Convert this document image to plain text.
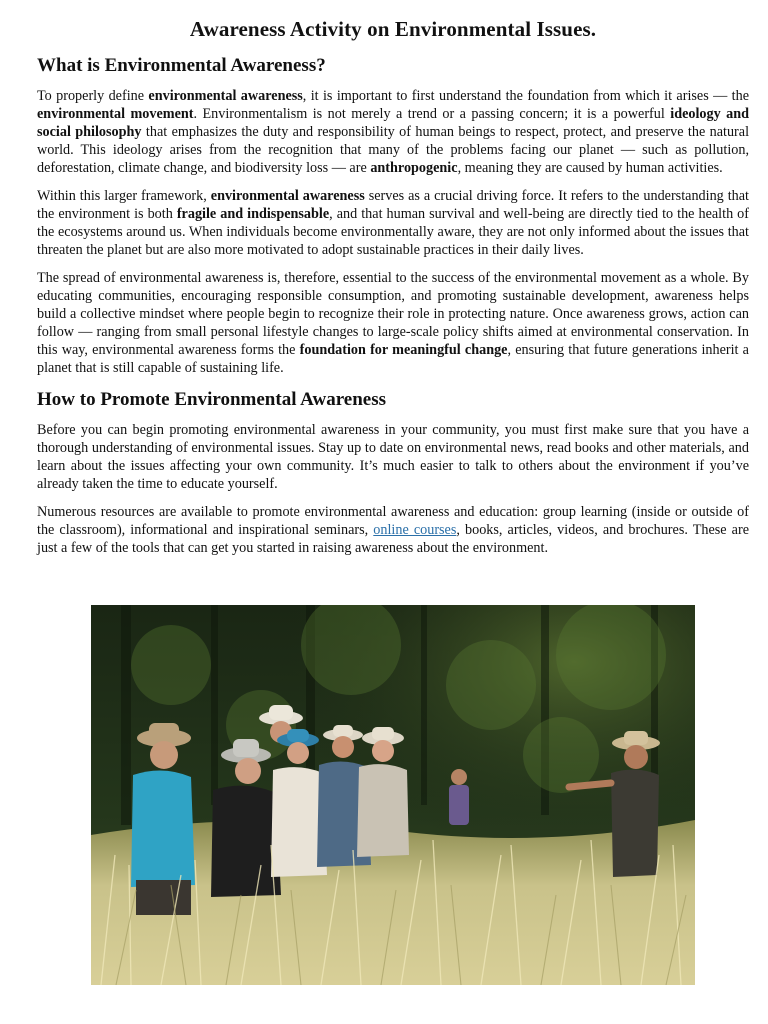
Awareness Activity on Environmental Issues.
What is Environmental Awareness?

To properly define environmental awareness, it is important to first understand the foundation from which it arises — the environmental movement. Environmentalism is not merely a trend or a passing concern; it is a powerful ideology and social philosophy that emphasizes the duty and responsibility of human beings to respect, protect, and preserve the natural world. This ideology arises from the recognition that many of the problems facing our planet — such as pollution, deforestation, climate change, and biodiversity loss — are anthropogenic, meaning they are caused by human activities.

Within this larger framework, environmental awareness serves as a crucial driving force. It refers to the understanding that the environment is both fragile and indispensable, and that human survival and well-being are directly tied to the health of the ecosystems around us. When individuals become environmentally aware, they are not only informed about the issues that threaten the planet but are also more motivated to adopt sustainable practices in their daily lives.

The spread of environmental awareness is, therefore, essential to the success of the environmental movement as a whole. By educating communities, encouraging responsible consumption, and promoting sustainable development, awareness helps build a collective mindset where people begin to recognize their role in protecting nature. Once awareness grows, action can follow — ranging from small personal lifestyle changes to large-scale policy shifts aimed at environmental conservation. In this way, environmental awareness forms the foundation for meaningful change, ensuring that future generations inherit a planet that is still capable of sustaining life.

How to Promote Environmental Awareness

Before you can begin promoting environmental awareness in your community, you must first make sure that you have a thorough understanding of environmental issues. Stay up to date on environmental news, read books and other materials, and learn about the issues affecting your own community. It’s much easier to talk to others about the environment if you’ve already taken the time to educate yourself.

Numerous resources are available to promote environmental awareness and education: group learning (inside or outside of the classroom), informational and inspirational seminars, online courses, books, articles, videos, and brochures. These are just a few of the tools that can get you started in raising awareness about the environment.
